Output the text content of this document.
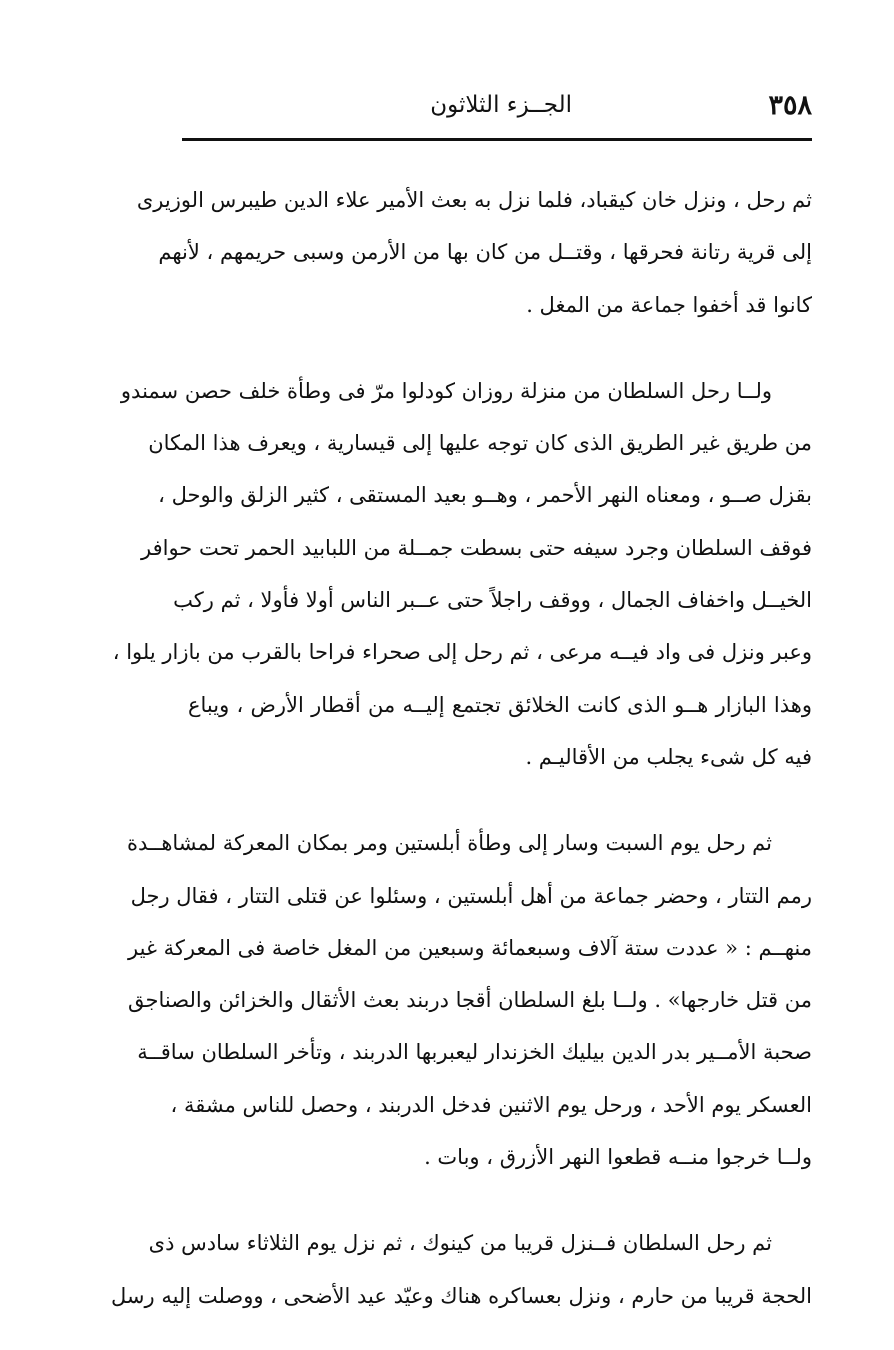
٣٥٨
الجــزء الثلاثون
ثم رحل ، ونزل خان كيقباد، فلما نزل به بعث الأمير علاء الدين طيبرس الوزيرى
إلى قرية رتانة فحرقها ، وقتــل من كان بها من الأرمن وسبى حريمهم ، لأنهم
كانوا قد أخفوا جماعة من المغل .
ولــا رحل السلطان من منزلة روزان كودلوا مرّ فى وطأة خلف حصن سمندو
من طريق غير الطريق الذى كان توجه عليها إلى قيسارية ، ويعرف هذا المكان
بقزل صــو ، ومعناه النهر الأحمر ، وهــو بعيد المستقى ، كثير الزلق والوحل ،
فوقف السلطان وجرد سيفه حتى بسطت جمــلة من اللبابيد الحمر تحت حوافر
الخيــل واخفاف الجمال ، ووقف راجلاً حتى عــبر الناس أولا فأولا ، ثم ركب
وعبر ونزل فى واد فيــه مرعى ، ثم رحل إلى صحراء فراحا بالقرب من بازار يلوا ،
وهذا البازار هــو الذى كانت الخلائق تجتمع إليــه من أقطار الأرض ، ويباع
فيه كل شىء يجلب من الأقاليـم .
ثم رحل يوم السبت وسار إلى وطأة أبلستين ومر بمكان المعركة لمشاهــدة
رمم التتار ، وحضر جماعة من أهل أبلستين ، وسئلوا عن قتلى التتار ، فقال رجل
منهــم : « عددت ستة آلاف وسبعمائة وسبعين من المغل خاصة فى المعركة غير
من قتل خارجها» . ولــا بلغ السلطان أقجا دربند بعث الأثقال والخزائن والصناجق
صحبة الأمــير بدر الدين بيليك الخزندار ليعبربها الدربند ، وتأخر السلطان ساقــة
العسكر يوم الأحد ، ورحل يوم الاثنين فدخل الدربند ، وحصل للناس مشقة ،
ولــا خرجوا منــه قطعوا النهر الأزرق ، وبات .
ثم رحل السلطان فــنزل قريبا من كينوك ، ثم نزل يوم الثلاثاء سادس ذى
الحجة قريبا من حارم ، ونزل بعساكره هناك وعيّد عيد الأضحى ، ووصلت إليه رسل
